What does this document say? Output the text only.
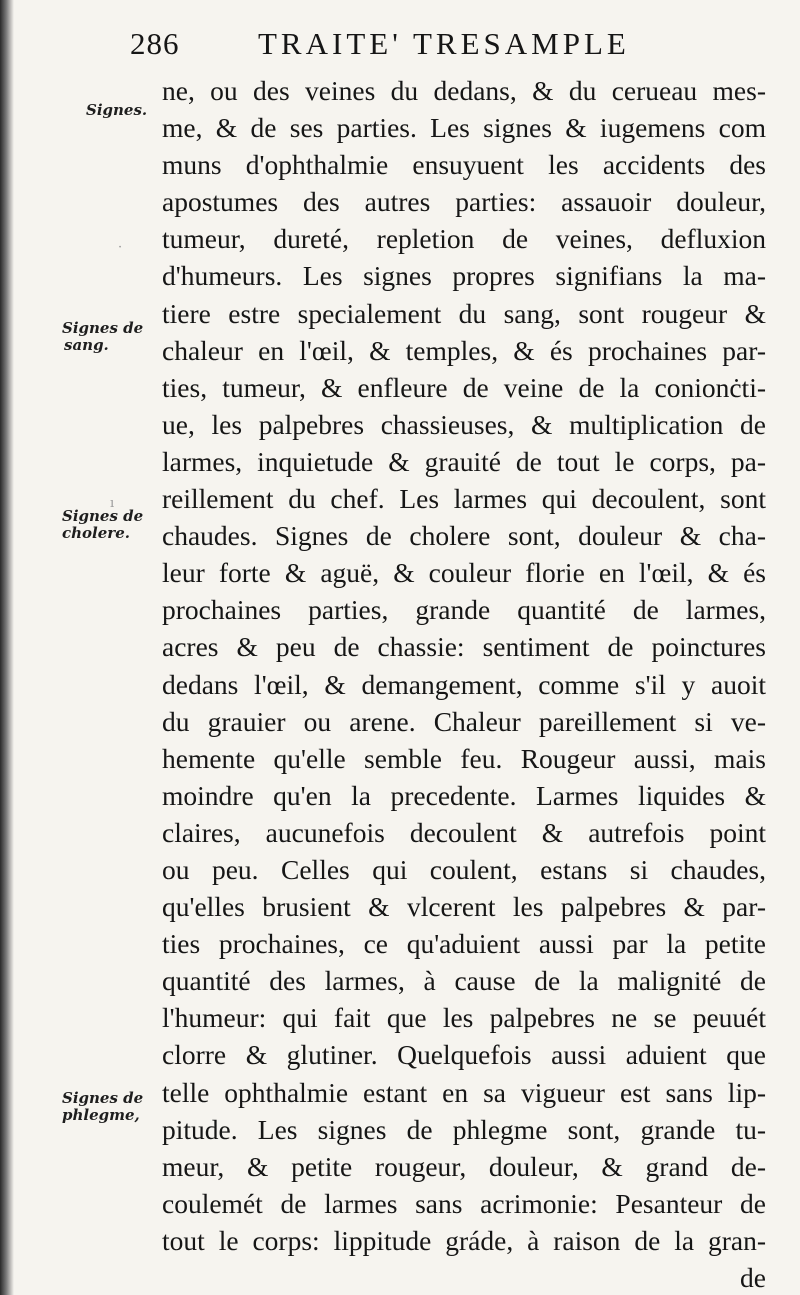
286	TRAITE' TRESAMPLE
Signes.
Signes de
sang.
Signes de
cholere.
Signes de
phlegme,
·
ı
ne, ou des veines du dedans, & du cerueau mes-
me, & de ses parties. Les signes & iugemens com
muns d'ophthalmie ensuyuent les accidents des
apostumes des autres parties: assauoir douleur,
tumeur, dureté, repletion de veines, defluxion
d'humeurs. Les signes propres signifians la ma-
tiere estre specialement du sang, sont rougeur &
chaleur en l'œil, & temples, & és prochaines par-
ties, tumeur, & enfleure de veine de la conionċti-
ue, les palpebres chassieuses, & multiplication de
larmes, inquietude & grauité de tout le corps, pa-
reillement du chef. Les larmes qui decoulent, sont
chaudes. Signes de cholere sont, douleur & cha-
leur forte & aguë, & couleur florie en l'œil, & és
prochaines parties, grande quantité de larmes,
acres & peu de chassie: sentiment de poinctures
dedans l'œil, & demangement, comme s'il y auoit
du grauier ou arene. Chaleur pareillement si ve-
hemente qu'elle semble feu. Rougeur aussi, mais
moindre qu'en la precedente. Larmes liquides &
claires, aucunefois decoulent & autrefois point
ou peu. Celles qui coulent, estans si chaudes,
qu'elles brusient & vlcerent les palpebres & par-
ties prochaines, ce qu'aduient aussi par la petite
quantité des larmes, à cause de la malignité de
l'humeur: qui fait que les palpebres ne se peuuét
clorre & glutiner. Quelquefois aussi aduient que
telle ophthalmie estant en sa vigueur est sans lip-
pitude. Les signes de phlegme sont, grande tu-
meur, & petite rougeur, douleur, & grand de-
coulemét de larmes sans acrimonie: Pesanteur de
tout le corps: lippitude gráde, à raison de la gran-
de
